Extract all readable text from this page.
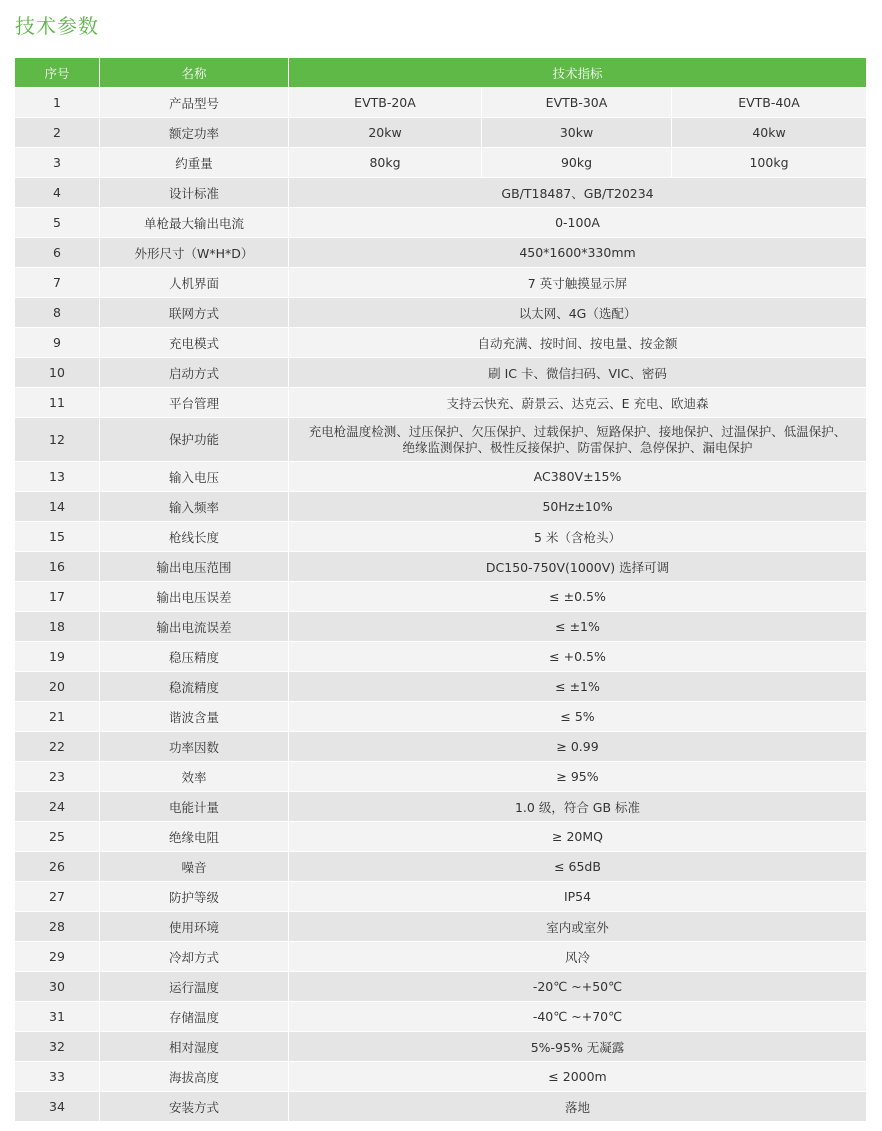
技术参数
序号	名称	技术指标		
1	产品型号	EVTB-20A	EVTB-30A	EVTB-40A
2	额定功率	20kw	30kw	40kw
3	约重量	80kg	90kg	100kg
4	设计标准	GB/T18487、GB/T20234		
5	单枪最大输出电流	0-100A		
6	外形尺寸（W*H*D）	450*1600*330mm		
7	人机界面	7 英寸触摸显示屏		
8	联网方式	以太网、4G（选配）		
9	充电模式	自动充满、按时间、按电量、按金额		
10	启动方式	刷 IC 卡、微信扫码、VIC、密码		
11	平台管理	支持云快充、蔚景云、达克云、E 充电、欧迪森		
12	保护功能	充电枪温度检测、过压保护、欠压保护、过载保护、短路保护、接地保护、过温保护、低温保护、
绝缘监测保护、极性反接保护、防雷保护、急停保护、漏电保护		

13	输入电压	AC380V±15%		
14	输入频率	50Hz±10%		
15	枪线长度	5 米（含枪头）		
16	输出电压范围	DC150-750V(1000V) 选择可调		
17	输出电压误差	≤ ±0.5%		
18	输出电流误差	≤ ±1%		
19	稳压精度	≤ +0.5%		
20	稳流精度	≤ ±1%		
21	谐波含量	≤ 5%		
22	功率因数	≥ 0.99		
23	效率	≥ 95%		
24	电能计量	1.0 级，符合 GB 标准		
25	绝缘电阻	≥ 20MQ		
26	噪音	≤ 65dB		
27	防护等级	IP54		
28	使用环境	室内或室外		
29	冷却方式	风冷		
30	运行温度	-20℃ ~+50℃		
31	存储温度	-40℃ ~+70℃		
32	相对湿度	5%-95% 无凝露		
33	海拔高度	≤ 2000m		
34	安装方式	落地		
